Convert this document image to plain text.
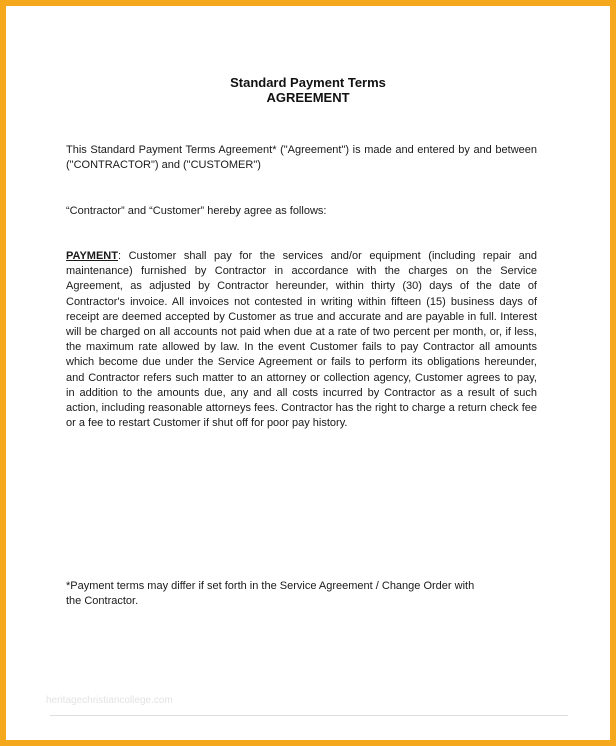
Standard Payment Terms
AGREEMENT

This Standard Payment Terms Agreement* ("Agreement") is made and entered by and between ("CONTRACTOR") and ("CUSTOMER")

“Contractor” and “Customer” hereby agree as follows:

PAYMENT: Customer shall pay for the services and/or equipment (including repair and maintenance) furnished by Contractor in accordance with the charges on the Service Agreement, as adjusted by Contractor hereunder, within thirty (30) days of the date of Contractor's invoice. All invoices not contested in writing within fifteen (15) business days of receipt are deemed accepted by Customer as true and accurate and are payable in full. Interest will be charged on all accounts not paid when due at a rate of two percent per month, or, if less, the maximum rate allowed by law. In the event Customer fails to pay Contractor all amounts which become due under the Service Agreement or fails to perform its obligations hereunder, and Contractor refers such matter to an attorney or collection agency, Customer agrees to pay, in addition to the amounts due, any and all costs incurred by Contractor as a result of such action, including reasonable attorneys fees. Contractor has the right to charge a return check fee or a fee to restart Customer if shut off for poor pay history.

*Payment terms may differ if set forth in the Service Agreement / Change Order with the Contractor.

heritagechristiancollege.com
